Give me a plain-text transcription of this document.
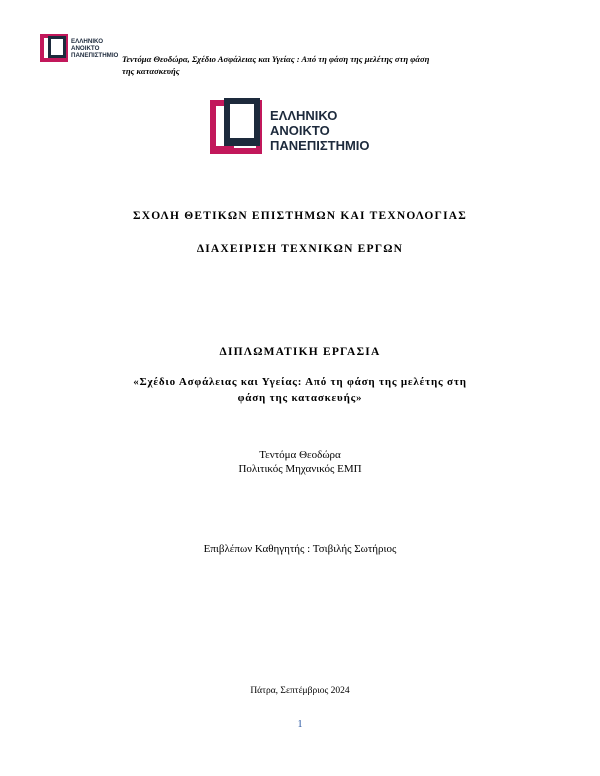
ΕΛΛΗΝΙΚΟ
ΑΝΟΙΚΤΟ
ΠΑΝΕΠΙΣΤΗΜΙΟ Τεντόμα Θεοδώρα, Σχέδιο Ασφάλειας και Υγείας : Από τη φάση της μελέτης στη φάση
της κατασκευής
ΕΛΛΗΝΙΚΟ
ΑΝΟΙΚΤΟ
ΠΑΝΕΠΙΣΤΗΜΙΟ
ΣΧΟΛΗ ΘΕΤΙΚΩΝ ΕΠΙΣΤΗΜΩΝ ΚΑΙ ΤΕΧΝΟΛΟΓΙΑΣ
ΔΙΑΧΕΙΡΙΣΗ ΤΕΧΝΙΚΩΝ ΕΡΓΩΝ
ΔΙΠΛΩΜΑΤΙΚΗ ΕΡΓΑΣΙΑ
«Σχέδιο Ασφάλειας και Υγείας: Από τη φάση της μελέτης στη
φάση της κατασκευής»
Τεντόμα Θεοδώρα
Πολιτικός Μηχανικός ΕΜΠ
Επιβλέπων Καθηγητής : Τσιβιλής Σωτήριος
Πάτρα, Σεπτέμβριος 2024
1
